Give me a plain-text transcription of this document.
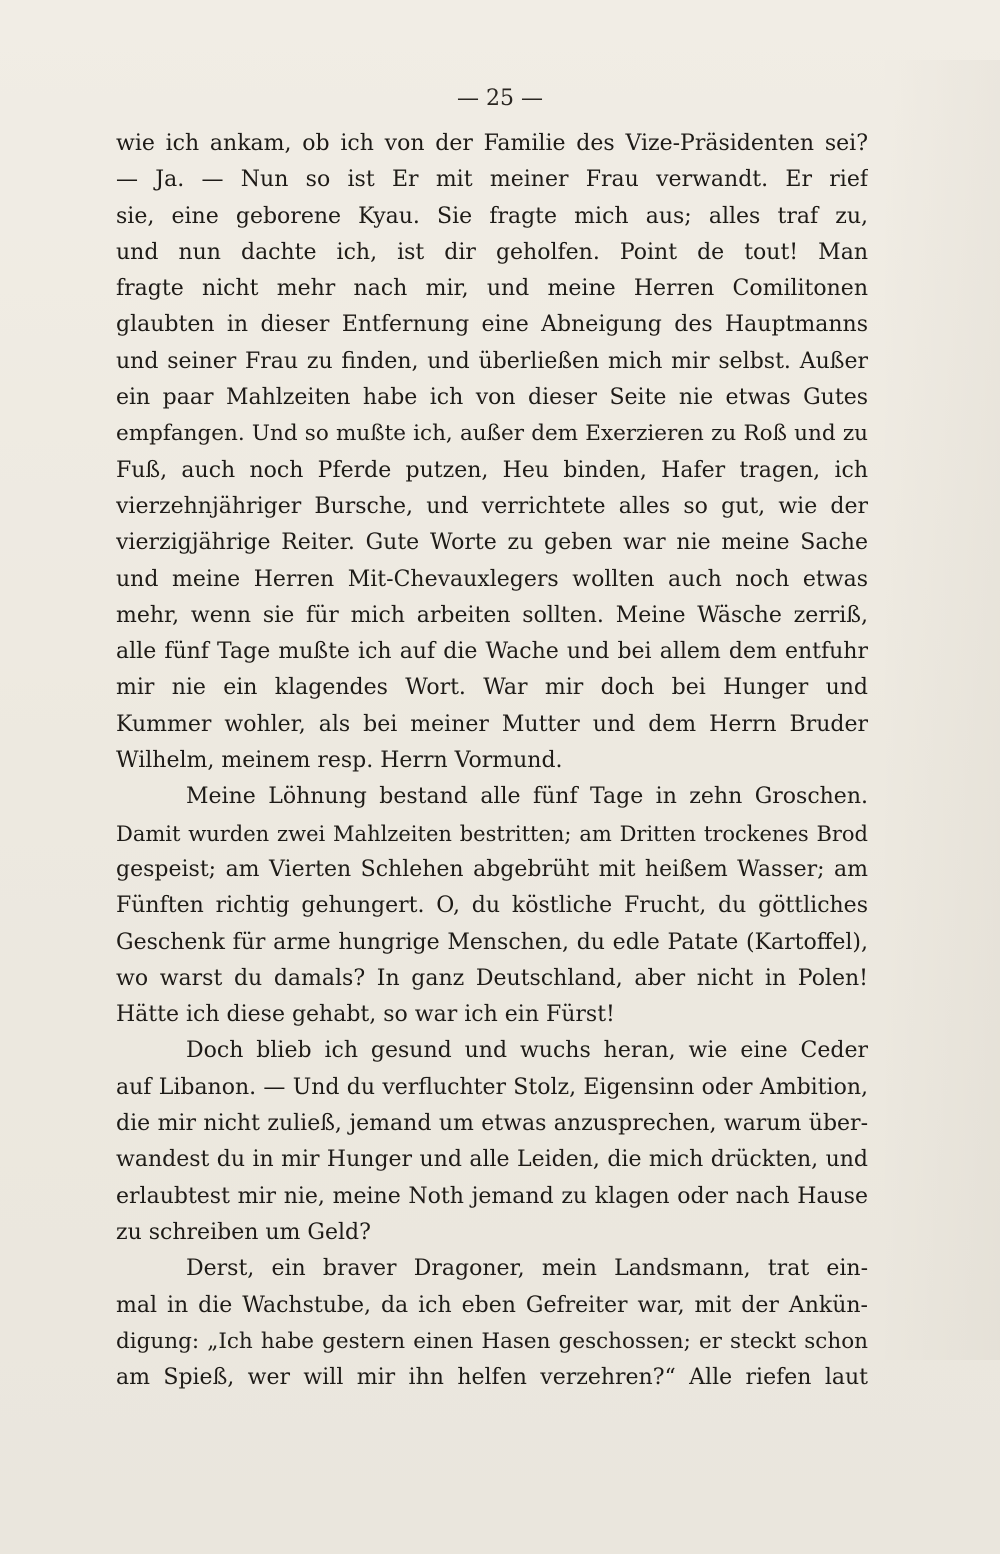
— 25 —
wie ich ankam, ob ich von der Familie des Vize-Präsidenten sei?
— Ja. — Nun so ist Er mit meiner Frau verwandt. Er rief
sie, eine geborene Kyau. Sie fragte mich aus; alles traf zu,
und nun dachte ich, ist dir geholfen. Point de tout! Man
fragte nicht mehr nach mir, und meine Herren Comilitonen
glaubten in dieser Entfernung eine Abneigung des Hauptmanns
und seiner Frau zu finden, und überließen mich mir selbst. Außer
ein paar Mahlzeiten habe ich von dieser Seite nie etwas Gutes
empfangen. Und so mußte ich, außer dem Exerzieren zu Roß und zu
Fuß, auch noch Pferde putzen, Heu binden, Hafer tragen, ich
vierzehnjähriger Bursche, und verrichtete alles so gut, wie der
vierzigjährige Reiter. Gute Worte zu geben war nie meine Sache
und meine Herren Mit-Chevauxlegers wollten auch noch etwas
mehr, wenn sie für mich arbeiten sollten. Meine Wäsche zerriß,
alle fünf Tage mußte ich auf die Wache und bei allem dem entfuhr
mir nie ein klagendes Wort. War mir doch bei Hunger und
Kummer wohler, als bei meiner Mutter und dem Herrn Bruder
Wilhelm, meinem resp. Herrn Vormund.
Meine Löhnung bestand alle fünf Tage in zehn Groschen.
Damit wurden zwei Mahlzeiten bestritten; am Dritten trockenes Brod
gespeist; am Vierten Schlehen abgebrüht mit heißem Wasser; am
Fünften richtig gehungert. O, du köstliche Frucht, du göttliches
Geschenk für arme hungrige Menschen, du edle Patate (Kartoffel),
wo warst du damals? In ganz Deutschland, aber nicht in Polen!
Hätte ich diese gehabt, so war ich ein Fürst!
Doch blieb ich gesund und wuchs heran, wie eine Ceder
auf Libanon. — Und du verfluchter Stolz, Eigensinn oder Ambition,
die mir nicht zuließ, jemand um etwas anzusprechen, warum über-
wandest du in mir Hunger und alle Leiden, die mich drückten, und
erlaubtest mir nie, meine Noth jemand zu klagen oder nach Hause
zu schreiben um Geld?
Derst, ein braver Dragoner, mein Landsmann, trat ein-
mal in die Wachstube, da ich eben Gefreiter war, mit der Ankün-
digung: „Ich habe gestern einen Hasen geschossen; er steckt schon
am Spieß, wer will mir ihn helfen verzehren?“ Alle riefen laut
